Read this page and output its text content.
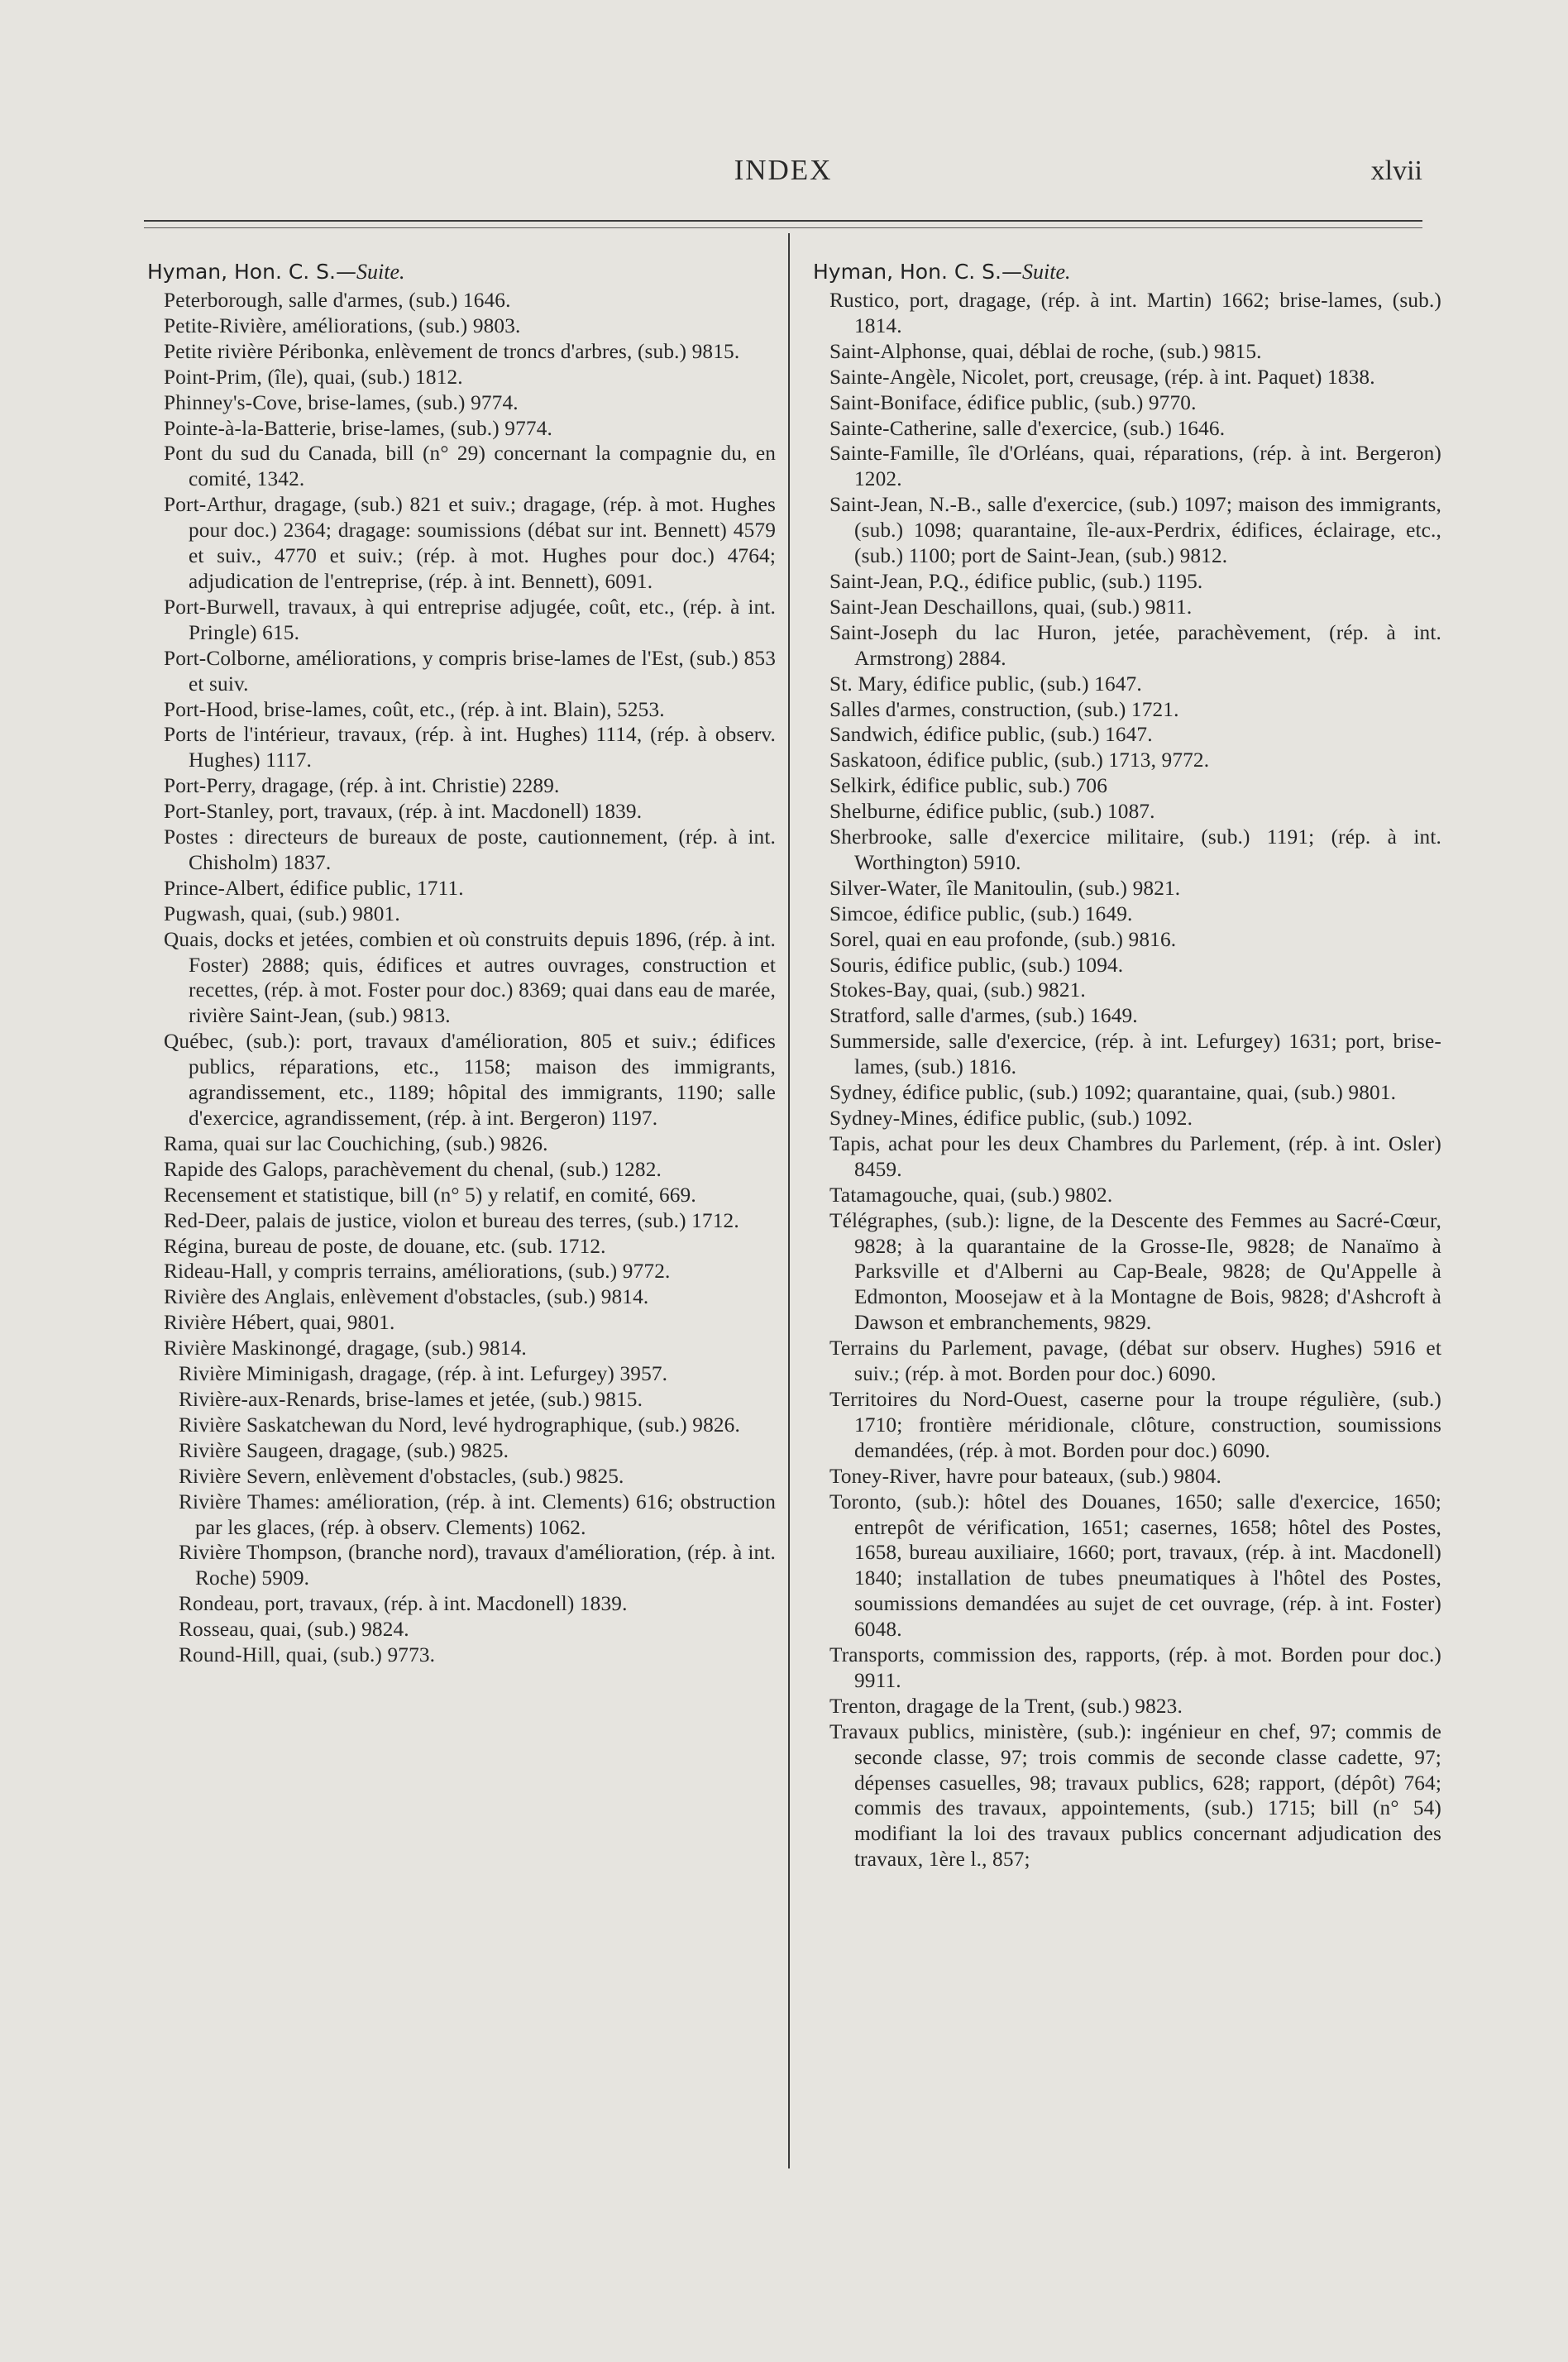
INDEX	xlvii
Hyman, Hon. C. S.—Suite.
Peterborough, salle d'armes, (sub.) 1646.
Petite-Rivière, améliorations, (sub.) 9803.
Petite rivière Péribonka, enlèvement de troncs d'arbres, (sub.) 9815.
Point-Prim, (île), quai, (sub.) 1812.
Phinney's-Cove, brise-lames, (sub.) 9774.
Pointe-à-la-Batterie, brise-lames, (sub.) 9774.
Pont du sud du Canada, bill (n° 29) concernant la compagnie du, en comité, 1342.
Port-Arthur, dragage, (sub.) 821 et suiv.; dragage, (rép. à mot. Hughes pour doc.) 2364; dragage: soumissions (débat sur int. Bennett) 4579 et suiv., 4770 et suiv.; (rép. à mot. Hughes pour doc.) 4764; adjudication de l'entreprise, (rép. à int. Bennett), 6091.
Port-Burwell, travaux, à qui entreprise adjugée, coût, etc., (rép. à int. Pringle) 615.
Port-Colborne, améliorations, y compris brise-lames de l'Est, (sub.) 853 et suiv.
Port-Hood, brise-lames, coût, etc., (rép. à int. Blain), 5253.
Ports de l'intérieur, travaux, (rép. à int. Hughes) 1114, (rép. à observ. Hughes) 1117.
Port-Perry, dragage, (rép. à int. Christie) 2289.
Port-Stanley, port, travaux, (rép. à int. Macdonell) 1839.
Postes : directeurs de bureaux de poste, cautionnement, (rép. à int. Chisholm) 1837.
Prince-Albert, édifice public, 1711.
Pugwash, quai, (sub.) 9801.
Quais, docks et jetées, combien et où construits depuis 1896, (rép. à int. Foster) 2888; quis, édifices et autres ouvrages, construction et recettes, (rép. à mot. Foster pour doc.) 8369; quai dans eau de marée, rivière Saint-Jean, (sub.) 9813.
Québec, (sub.): port, travaux d'amélioration, 805 et suiv.; édifices publics, réparations, etc., 1158; maison des immigrants, agrandissement, etc., 1189; hôpital des immigrants, 1190; salle d'exercice, agrandissement, (rép. à int. Bergeron) 1197.
Rama, quai sur lac Couchiching, (sub.) 9826.
Rapide des Galops, parachèvement du chenal, (sub.) 1282.
Recensement et statistique, bill (n° 5) y relatif, en comité, 669.
Red-Deer, palais de justice, violon et bureau des terres, (sub.) 1712.
Régina, bureau de poste, de douane, etc. (sub. 1712.
Rideau-Hall, y compris terrains, améliorations, (sub.) 9772.
Rivière des Anglais, enlèvement d'obstacles, (sub.) 9814.
Rivière Hébert, quai, 9801.
Rivière Maskinongé, dragage, (sub.) 9814.
Rivière Miminigash, dragage, (rép. à int. Lefurgey) 3957.
Rivière-aux-Renards, brise-lames et jetée, (sub.) 9815.
Rivière Saskatchewan du Nord, levé hydrographique, (sub.) 9826.
Rivière Saugeen, dragage, (sub.) 9825.
Rivière Severn, enlèvement d'obstacles, (sub.) 9825.
Rivière Thames: amélioration, (rép. à int. Clements) 616; obstruction par les glaces, (rép. à observ. Clements) 1062.
Rivière Thompson, (branche nord), travaux d'amélioration, (rép. à int. Roche) 5909.
Rondeau, port, travaux, (rép. à int. Macdonell) 1839.
Rosseau, quai, (sub.) 9824.
Round-Hill, quai, (sub.) 9773.
Hyman, Hon. C. S.—Suite.
Rustico, port, dragage, (rép. à int. Martin) 1662; brise-lames, (sub.) 1814.
Saint-Alphonse, quai, déblai de roche, (sub.) 9815.
Sainte-Angèle, Nicolet, port, creusage, (rép. à int. Paquet) 1838.
Saint-Boniface, édifice public, (sub.) 9770.
Sainte-Catherine, salle d'exercice, (sub.) 1646.
Sainte-Famille, île d'Orléans, quai, réparations, (rép. à int. Bergeron) 1202.
Saint-Jean, N.-B., salle d'exercice, (sub.) 1097; maison des immigrants, (sub.) 1098; quarantaine, île-aux-Perdrix, édifices, éclairage, etc., (sub.) 1100; port de Saint-Jean, (sub.) 9812.
Saint-Jean, P.Q., édifice public, (sub.) 1195.
Saint-Jean Deschaillons, quai, (sub.) 9811.
Saint-Joseph du lac Huron, jetée, parachèvement, (rép. à int. Armstrong) 2884.
St. Mary, édifice public, (sub.) 1647.
Salles d'armes, construction, (sub.) 1721.
Sandwich, édifice public, (sub.) 1647.
Saskatoon, édifice public, (sub.) 1713, 9772.
Selkirk, édifice public, sub.) 706
Shelburne, édifice public, (sub.) 1087.
Sherbrooke, salle d'exercice militaire, (sub.) 1191; (rép. à int. Worthington) 5910.
Silver-Water, île Manitoulin, (sub.) 9821.
Simcoe, édifice public, (sub.) 1649.
Sorel, quai en eau profonde, (sub.) 9816.
Souris, édifice public, (sub.) 1094.
Stokes-Bay, quai, (sub.) 9821.
Stratford, salle d'armes, (sub.) 1649.
Summerside, salle d'exercice, (rép. à int. Lefurgey) 1631; port, brise-lames, (sub.) 1816.
Sydney, édifice public, (sub.) 1092; quarantaine, quai, (sub.) 9801.
Sydney-Mines, édifice public, (sub.) 1092.
Tapis, achat pour les deux Chambres du Parlement, (rép. à int. Osler) 8459.
Tatamagouche, quai, (sub.) 9802.
Télégraphes, (sub.): ligne, de la Descente des Femmes au Sacré-Cœur, 9828; à la quarantaine de la Grosse-Ile, 9828; de Nanaïmo à Parksville et d'Alberni au Cap-Beale, 9828; de Qu'Appelle à Edmonton, Moosejaw et à la Montagne de Bois, 9828; d'Ashcroft à Dawson et embranchements, 9829.
Terrains du Parlement, pavage, (débat sur observ. Hughes) 5916 et suiv.; (rép. à mot. Borden pour doc.) 6090.
Territoires du Nord-Ouest, caserne pour la troupe régulière, (sub.) 1710; frontière méridionale, clôture, construction, soumissions demandées, (rép. à mot. Borden pour doc.) 6090.
Toney-River, havre pour bateaux, (sub.) 9804.
Toronto, (sub.): hôtel des Douanes, 1650; salle d'exercice, 1650; entrepôt de vérification, 1651; casernes, 1658; hôtel des Postes, 1658, bureau auxiliaire, 1660; port, travaux, (rép. à int. Macdonell) 1840; installation de tubes pneumatiques à l'hôtel des Postes, soumissions demandées au sujet de cet ouvrage, (rép. à int. Foster) 6048.
Transports, commission des, rapports, (rép. à mot. Borden pour doc.) 9911.
Trenton, dragage de la Trent, (sub.) 9823.
Travaux publics, ministère, (sub.): ingénieur en chef, 97; commis de seconde classe, 97; trois commis de seconde classe cadette, 97; dépenses casuelles, 98; travaux publics, 628; rapport, (dépôt) 764; commis des travaux, appointements, (sub.) 1715; bill (n° 54) modifiant la loi des travaux publics concernant adjudication des travaux, 1ère l., 857;
